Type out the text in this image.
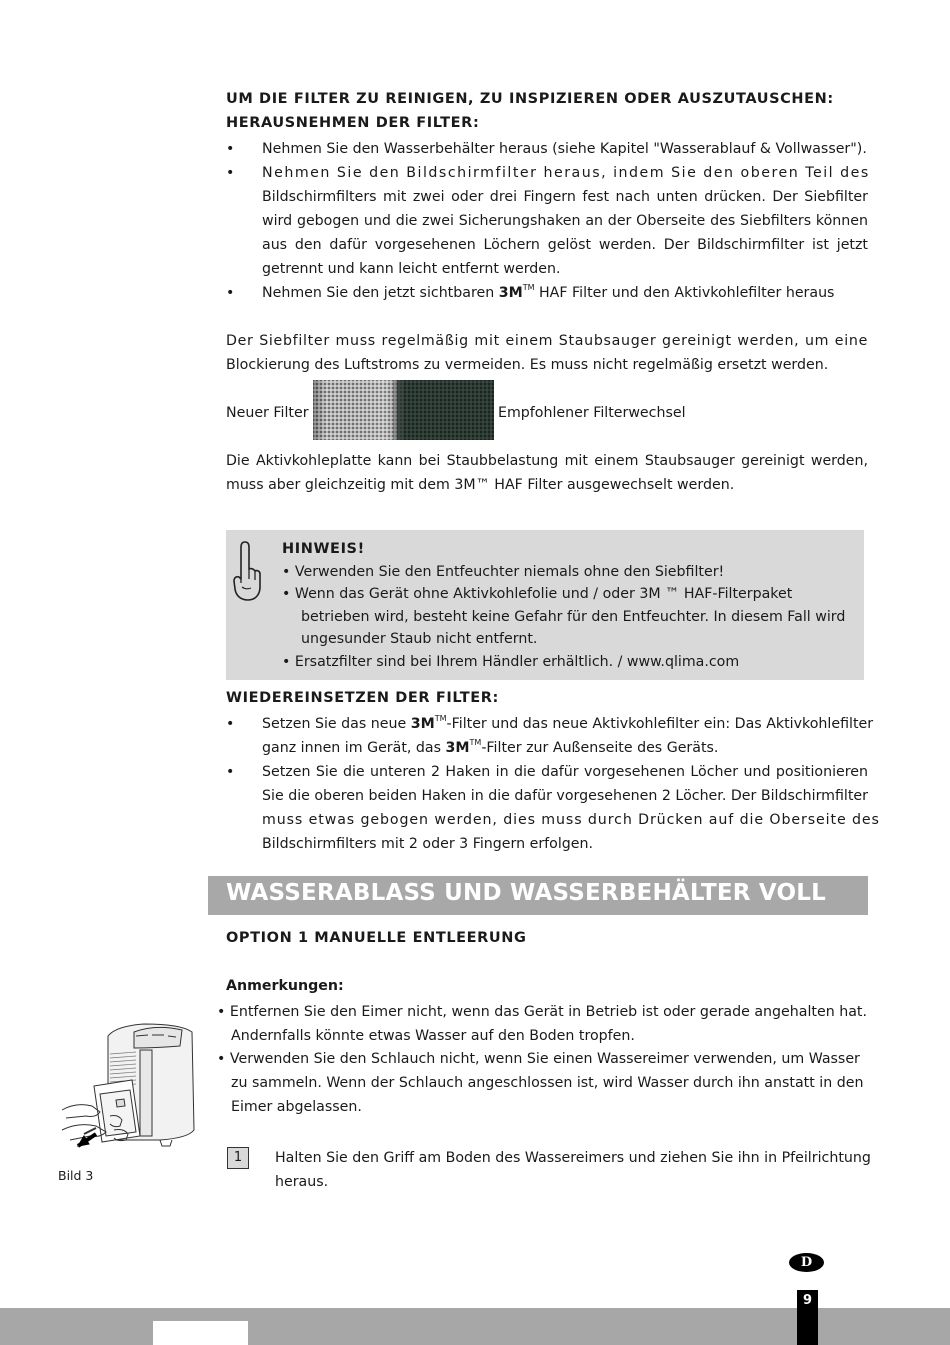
UM DIE FILTER ZU REINIGEN, ZU INSPIZIEREN ODER AUSZUTAUSCHEN:
HERAUSNEHMEN DER FILTER:
• Nehmen Sie den Wasserbehälter heraus (siehe Kapitel "Wasserablauf & Vollwasser").
• Nehmen Sie den Bildschirmfilter heraus, indem Sie den oberen Teil des
Bildschirmfilters mit zwei oder drei Fingern fest nach unten drücken. Der Siebfilter
wird gebogen und die zwei Sicherungshaken an der Oberseite des Siebfilters können
aus den dafür vorgesehenen Löchern gelöst werden. Der Bildschirmfilter ist jetzt
getrennt und kann leicht entfernt werden.
• Nehmen Sie den jetzt sichtbaren 3M™ HAF Filter und den Aktivkohlefilter heraus
Der Siebfilter muss regelmäßig mit einem Staubsauger gereinigt werden, um eine
Blockierung des Luftstroms zu vermeiden. Es muss nicht regelmäßig ersetzt werden.
Neuer Filter	Empfohlener Filterwechsel
Die Aktivkohleplatte kann bei Staubbelastung mit einem Staubsauger gereinigt werden,
muss aber gleichzeitig mit dem 3M™ HAF Filter ausgewechselt werden.
HINWEIS!
• Verwenden Sie den Entfeuchter niemals ohne den Siebfilter!
• Wenn das Gerät ohne Aktivkohlefolie und / oder 3M ™ HAF-Filterpaket
betrieben wird, besteht keine Gefahr für den Entfeuchter. In diesem Fall wird
ungesunder Staub nicht entfernt.
• Ersatzfilter sind bei Ihrem Händler erhältlich. / www.qlima.com
WIEDEREINSETZEN DER FILTER:
• Setzen Sie das neue 3M™-Filter und das neue Aktivkohlefilter ein: Das Aktivkohlefilter
ganz innen im Gerät, das 3M™-Filter zur Außenseite des Geräts.
• Setzen Sie die unteren 2 Haken in die dafür vorgesehenen Löcher und positionieren
Sie die oberen beiden Haken in die dafür vorgesehenen 2 Löcher. Der Bildschirmfilter
muss etwas gebogen werden, dies muss durch Drücken auf die Oberseite des
Bildschirmfilters mit 2 oder 3 Fingern erfolgen.
WASSERABLASS UND WASSERBEHÄLTER VOLL
OPTION 1 MANUELLE ENTLEERUNG
Anmerkungen:
• Entfernen Sie den Eimer nicht, wenn das Gerät in Betrieb ist oder gerade angehalten hat.
Andernfalls könnte etwas Wasser auf den Boden tropfen.
• Verwenden Sie den Schlauch nicht, wenn Sie einen Wassereimer verwenden, um Wasser
zu sammeln. Wenn der Schlauch angeschlossen ist, wird Wasser durch ihn anstatt in den
Eimer abgelassen.
Bild 3
1	Halten Sie den Griff am Boden des Wassereimers und ziehen Sie ihn in Pfeilrichtung
heraus.
D
9
